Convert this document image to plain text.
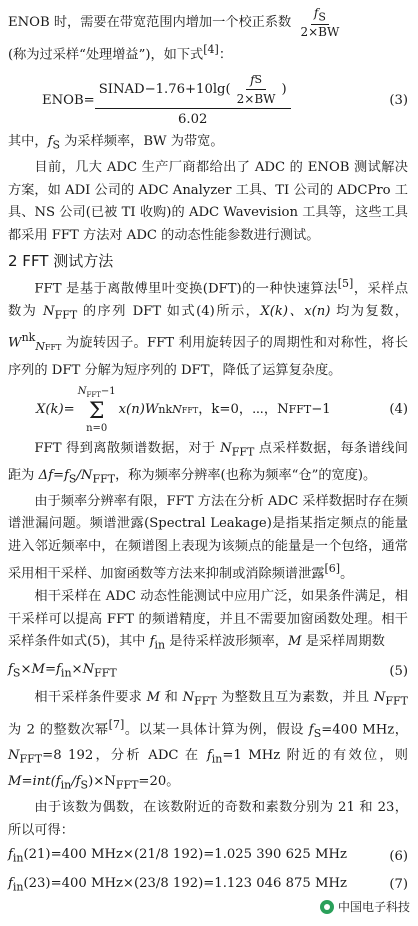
ENOB 时，需要在带宽范围内增加一个校正系数 $\frac{f_S}{2\times BW}$

(称为过采样“处理增益”)，如下式[4]：

ENOB=
SINAD−1.76+10lg( $\frac{\text{f S}}{2\times BW}$ )
6.02
(3)

其中，$f_S$ 为采样频率，BW 为带宽。

目前，几大 ADC 生产厂商都给出了 ADC 的 ENOB 测试解决方案，如 ADI 公司的 ADC Analyzer 工具、TI 公司的 ADCPro 工具、NS 公司(已被 TI 收购)的 ADC Wavevision 工具等，这些工具都采用 FFT 方法对 ADC 的动态性能参数进行测试。

2 FFT 测试方法

FFT 是基于离散傅里叶变换(DFT)的一种快速算法[5]，采样点数为 $N_{FFT}$ 的序列 DFT 如式(4)所示，X(k)、x(n) 均为复数，$W^{nk}_{NFFT}$ 为旋转因子。FFT 利用旋转因子的周期性和对称性，将长序列的 DFT 分解为短序列的 DFT，降低了运算复杂度。

X(k)=
$N_{FFT}-1$
Σ
n=0
x(n) W nk NFFT ，k=0，⋯，N FFT −1	(4)

FFT 得到离散频谱数据，对于 $N_{FFT}$ 点采样数据，每条谱线间距为 $\Delta f=f_S/N_{FFT}$，称为频率分辨率(也称为频率“仓”的宽度)。

由于频率分辨率有限，FFT 方法在分析 ADC 采样数据时存在频谱泄漏问题。频谱泄露(Spectral Leakage)是指某指定频点的能量进入邻近频率中，在频谱图上表现为该频点的能量是一个包络，通常采用相干采样、加窗函数等方法来抑制或消除频谱泄露[6]。

相干采样在 ADC 动态性能测试中应用广泛，如果条件满足，相干采样可以提高 FFT 的频谱精度，并且不需要加窗函数处理。相干采样条件如式(5)，其中 $f_{in}$ 是待采样波形频率，M 是采样周期数

$f_S\times M=f_{in}\times N_{FFT}$	(5)

相干采样条件要求 M 和 $N_{FFT}$ 为整数且互为素数，并且 $N_{FFT}$ 为 2 的整数次幂[7]。以某一具体计算为例，假设 $f_S=400$ MHz，$N_{FFT}=8$ 192，分析 ADC 在 $f_{in}=1$ MHz 附近的有效位，则 $M=int(f_{in}/f_S)\times N_{FFT}=20$。

由于该数为偶数，在该数附近的奇数和素数分别为 21 和 23，所以可得：

$f_{in}(21)=400$ MHz×(21/8 192)=1.025 390 625 MHz	(6)
$f_{in}(23)=400$ MHz×(23/8 192)=1.123 046 875 MHz	(7)
中国电子科技
